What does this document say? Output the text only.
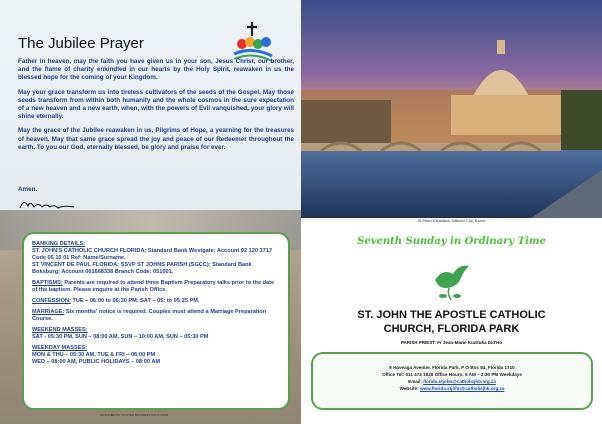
The Jubilee Prayer

Father in heaven, may the faith you have given us in your son, Jesus Christ, our brother, and the flame of charity enkindled in our hearts by the Holy Spirit, reawaken in us the blessed hope for the coming of your Kingdom.

May your grace transform us into tireless cultivators of the seeds of the Gospel. May those seeds transform from within both humanity and the whole cosmos in the sure expectation of a new heaven and a new earth, when, with the powers of Evil vanquished, your glory will shine eternally.

May the grace of the Jubilee reawaken in us, Pilgrims of Hope, a yearning for the treasures of heaven. May that same grace spread the joy and peace of our Redeemer throughout the earth. To you our God, eternally blessed, be glory and praise for ever.

Amen.
BANKING DETAILS:
ST. JOHN'S CATHOLIC CHURCH FLORIDA; Standard Bank Westgate; Account 02 120 3717 Code 05 10 01 Ref: Name/Surname.
ST VINCENT DE PAUL FLORIDA: SSVP ST JOHNS PARISH (SGCC); Standard Bank Boksburg; Account 061668338 Branch Code: 051001.
BAPTISMS: Parents are required to attend three Baptism Preparatory talks prior to the date of the baptism. Please enquire at the Parish Office.
CONFESSION: TUE – 06:00 to 06:30 PM; SAT – 05: to 05:25 PM.
MARRIAGE: Six months' notice is required. Couples must attend a Marriage Preparation Course.
WEEKEND MASSES:
SAT - 05:30 PM, SUN – 08:00 AM, SUN – 10:00 AM, SUN – 05:30 PM
WEEKDAY MASSES:
MON & THU – 05:30 AM, TUE & FRI – 06:00 PM
WED – 08:00 AM, PUBLIC HOLIDAYS – 08:00 AM
DESIGNED BY PILOTED BUSINESS SOLUTIONS
St Peter's Basilica: Vatican City, Rome
Seventh Sunday in Ordinary Time
ST. JOHN THE APOSTLE CATHOLIC
CHURCH, FLORIDA PARK
PARISH PRIEST: Fr Jean-Marie Kuzituka Did'Ho
6 Haveaga Avenue, Florida Park, P O Box 84, Florida 1710
Office Tel: 011 472 1928 Office Hours: 9 AM – 3:30 PM Weekdays
Email: florida.stjohn@catholicjhb.org.za
Website: www.florida.stjohn@catholicjhb.org.za
